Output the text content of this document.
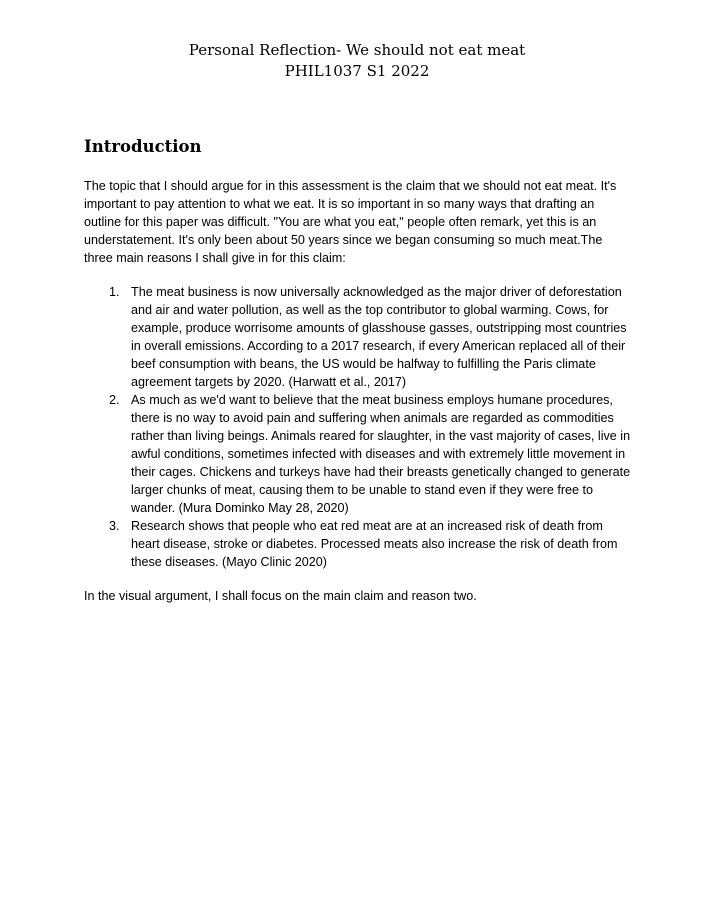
Personal Reflection- We should not eat meat
PHIL1037 S1 2022
Introduction

The topic that I should argue for in this assessment is the claim that we should not eat meat. It's important to pay attention to what we eat. It is so important in so many ways that drafting an outline for this paper was difficult. "You are what you eat," people often remark, yet this is an understatement. It's only been about 50 years since we began consuming so much meat.The three main reasons I shall give in for this claim:

1. The meat business is now universally acknowledged as the major driver of deforestation and air and water pollution, as well as the top contributor to global warming. Cows, for example, produce worrisome amounts of glasshouse gasses, outstripping most countries in overall emissions. According to a 2017 research, if every American replaced all of their beef consumption with beans, the US would be halfway to fulfilling the Paris climate agreement targets by 2020. (Harwatt et al., 2017)
2. As much as we'd want to believe that the meat business employs humane procedures, there is no way to avoid pain and suffering when animals are regarded as commodities rather than living beings. Animals reared for slaughter, in the vast majority of cases, live in awful conditions, sometimes infected with diseases and with extremely little movement in their cages. Chickens and turkeys have had their breasts genetically changed to generate larger chunks of meat, causing them to be unable to stand even if they were free to wander. (Mura Dominko May 28, 2020)
3. Research shows that people who eat red meat are at an increased risk of death from heart disease, stroke or diabetes. Processed meats also increase the risk of death from these diseases. (Mayo Clinic 2020)

In the visual argument, I shall focus on the main claim and reason two.
